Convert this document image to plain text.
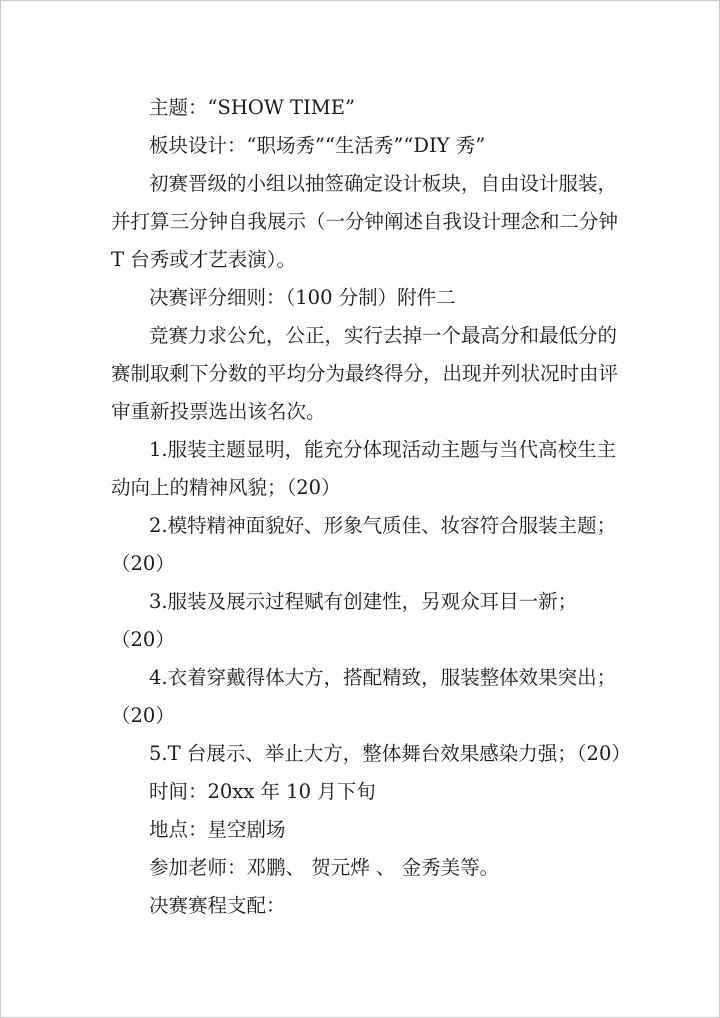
主题：“SHOW TIME”
板块设计：“职场秀”“生活秀”“DIY 秀”
初赛晋级的小组以抽签确定设计板块，自由设计服装，
并打算三分钟自我展示（一分钟阐述自我设计理念和二分钟
T 台秀或才艺表演）。
决赛评分细则：（100 分制）附件二
竞赛力求公允，公正，实行去掉一个最高分和最低分的
赛制取剩下分数的平均分为最终得分，出现并列状况时由评
审重新投票选出该名次。
1.服装主题显明，能充分体现活动主题与当代高校生主
动向上的精神风貌；（20）
2.模特精神面貌好、形象气质佳、妆容符合服装主题；
（20）
3.服装及展示过程赋有创建性，另观众耳目一新；
（20）
4.衣着穿戴得体大方，搭配精致，服装整体效果突出；
（20）
5.T 台展示、举止大方，整体舞台效果感染力强；（20）
时间：20xx 年 10 月下旬
地点：星空剧场
参加老师：邓鹏、 贺元烨 、 金秀美等。
决赛赛程支配：
